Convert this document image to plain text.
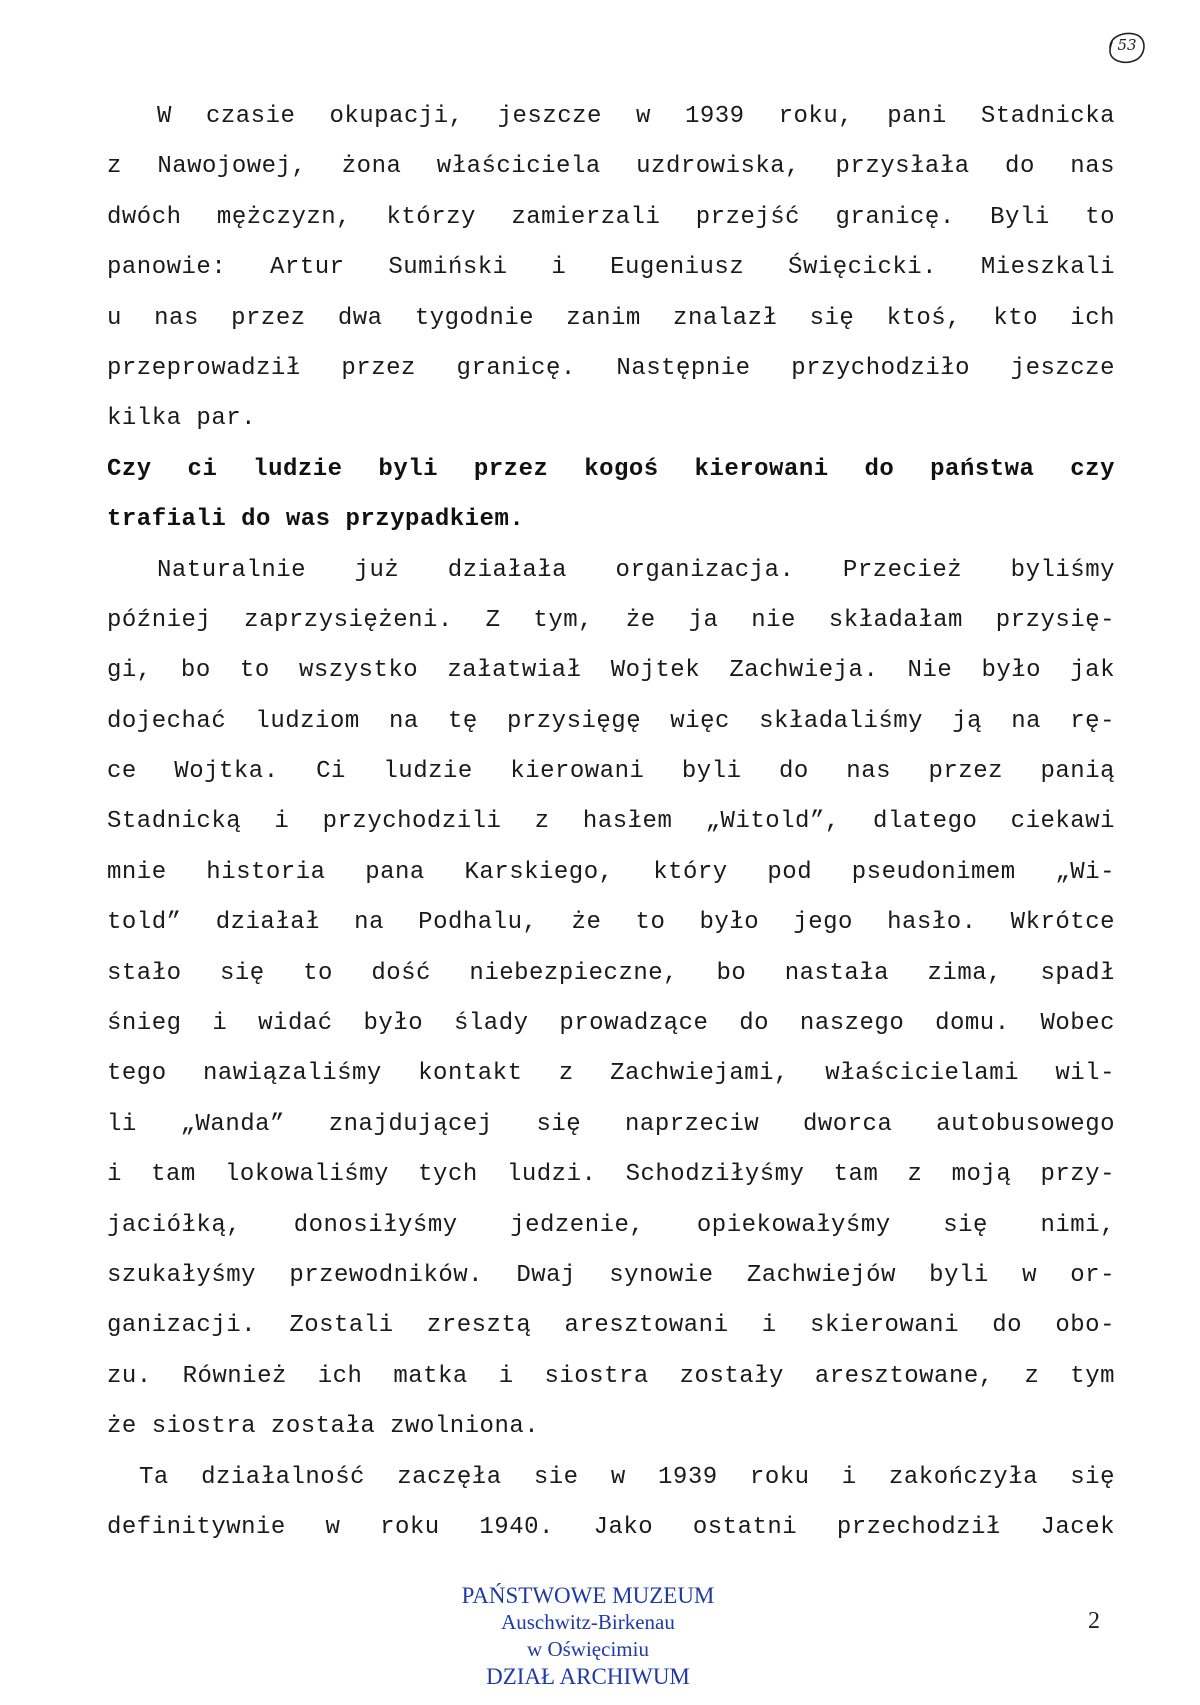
53
W czasie okupacji, jeszcze w 1939 roku, pani Stadnicka
z Nawojowej, żona właściciela uzdrowiska, przysłała do nas
dwóch mężczyzn, którzy zamierzali przejść granicę. Byli to
panowie: Artur Sumiński i Eugeniusz Święcicki. Mieszkali
u nas przez dwa tygodnie zanim znalazł się ktoś, kto ich
przeprowadził przez granicę. Następnie przychodziło jeszcze
kilka par.
Czy ci ludzie byli przez kogoś kierowani do państwa czy
trafiali do was przypadkiem.
Naturalnie już działała organizacja. Przecież byliśmy
później zaprzysiężeni. Z tym, że ja nie składałam przysię-
gi, bo to wszystko załatwiał Wojtek Zachwieja. Nie było jak
dojechać ludziom na tę przysięgę więc składaliśmy ją na rę-
ce Wojtka. Ci ludzie kierowani byli do nas przez panią
Stadnicką i przychodzili z hasłem „Witold”, dlatego ciekawi
mnie historia pana Karskiego, który pod pseudonimem „Wi-
told” działał na Podhalu, że to było jego hasło. Wkrótce
stało się to dość niebezpieczne, bo nastała zima, spadł
śnieg i widać było ślady prowadzące do naszego domu. Wobec
tego nawiązaliśmy kontakt z Zachwiejami, właścicielami wil-
li „Wanda” znajdującej się naprzeciw dworca autobusowego
i tam lokowaliśmy tych ludzi. Schodziłyśmy tam z moją przy-
jaciółką, donosiłyśmy jedzenie, opiekowałyśmy się nimi,
szukałyśmy przewodników. Dwaj synowie Zachwiejów byli w or-
ganizacji. Zostali zresztą aresztowani i skierowani do obo-
zu. Również ich matka i siostra zostały aresztowane, z tym
że siostra została zwolniona.
Ta działalność zaczęła sie w 1939 roku i zakończyła się
definitywnie w roku 1940. Jako ostatni przechodził Jacek
PAŃSTWOWE MUZEUM
Auschwitz-Birkenau
w Oświęcimiu
DZIAŁ ARCHIWUM
2
